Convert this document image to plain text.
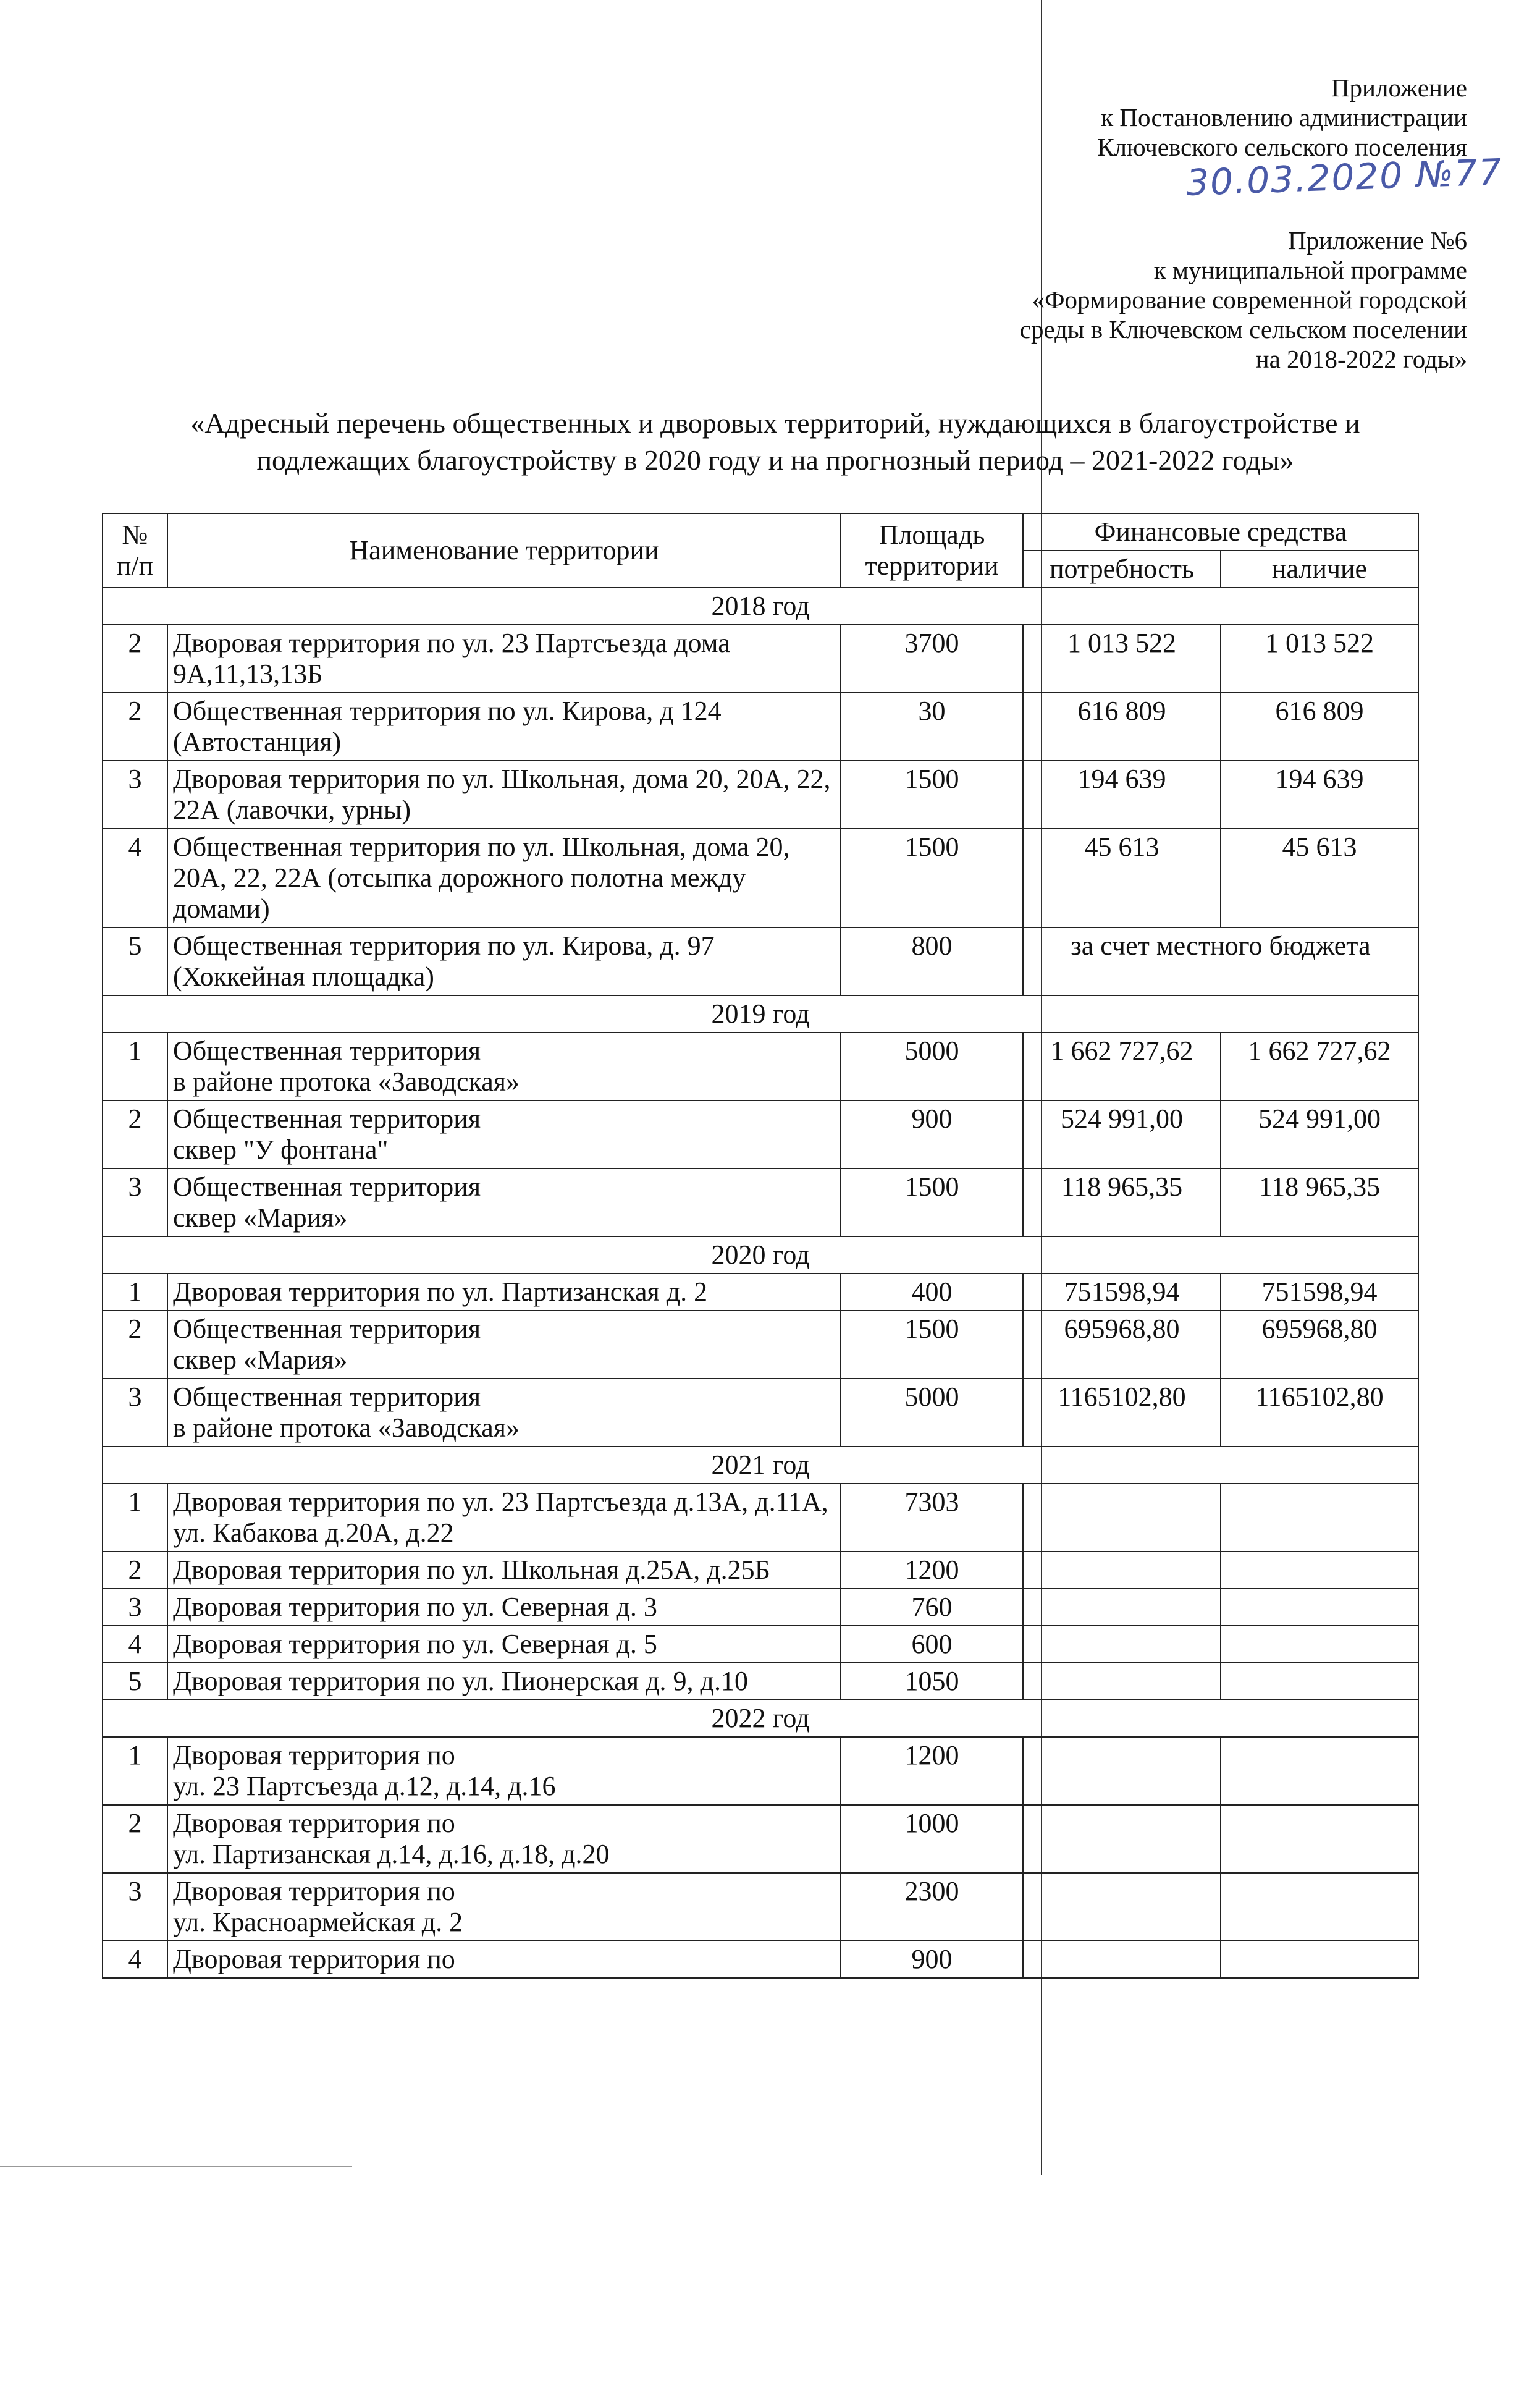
Приложение
к Постановлению администрации
Ключевского сельского поселения
30.03.2020 №77
Приложение №6
к муниципальной программе
«Формирование современной городской
среды в Ключевском сельском поселении
на 2018-2022 годы»
«Адресный перечень общественных и дворовых территорий, нуждающихся в благоустройстве и
подлежащих благоустройству в 2020 году и на прогнозный период – 2021-2022 годы»
№ п/п	Наименование территории	Площадь территории	Финансовые средства	
			потребность	наличие
2018 год				
2	Дворовая территория по ул. 23 Партсъезда дома 9А,11,13,13Б	3700	1 013 522	1 013 522
2	Общественная территория по ул. Кирова, д 124 (Автостанция)	30	616 809	616 809
3	Дворовая территория по ул. Школьная, дома 20, 20А, 22, 22А (лавочки, урны)	1500	194 639	194 639
4	Общественная территория по ул. Школьная, дома 20, 20А, 22, 22А (отсыпка дорожного полотна между домами)	1500	45 613	45 613
5	Общественная территория по ул. Кирова, д. 97 (Хоккейная площадка)	800	за счет местного бюджета	
2019 год				
1	Общественная территория
в районе протока «Заводская»	5000	1 662 727,62	1 662 727,62
2	Общественная территория
сквер "У фонтана"	900	524 991,00	524 991,00
3	Общественная территория
сквер «Мария»	1500	118 965,35	118 965,35
2020 год				
1	Дворовая территория по ул. Партизанская д. 2	400	751598,94	751598,94
2	Общественная территория
сквер «Мария»	1500	695968,80	695968,80
3	Общественная территория
в районе протока «Заводская»	5000	1165102,80	1165102,80
2021 год				
1	Дворовая территория по ул. 23 Партсъезда д.13А, д.11А, ул. Кабакова д.20А, д.22	7303		
2	Дворовая территория по ул. Школьная д.25А, д.25Б	1200		
3	Дворовая территория по ул. Северная д. 3	760		
4	Дворовая территория по ул. Северная д. 5	600		
5	Дворовая территория по ул. Пионерская д. 9, д.10	1050		
2022 год				
1	Дворовая территория по
ул. 23 Партсъезда д.12, д.14, д.16	1200		
2	Дворовая территория по
ул. Партизанская д.14, д.16, д.18, д.20	1000		
3	Дворовая территория по
ул. Красноармейская д. 2	2300		
4	Дворовая территория по	900		
